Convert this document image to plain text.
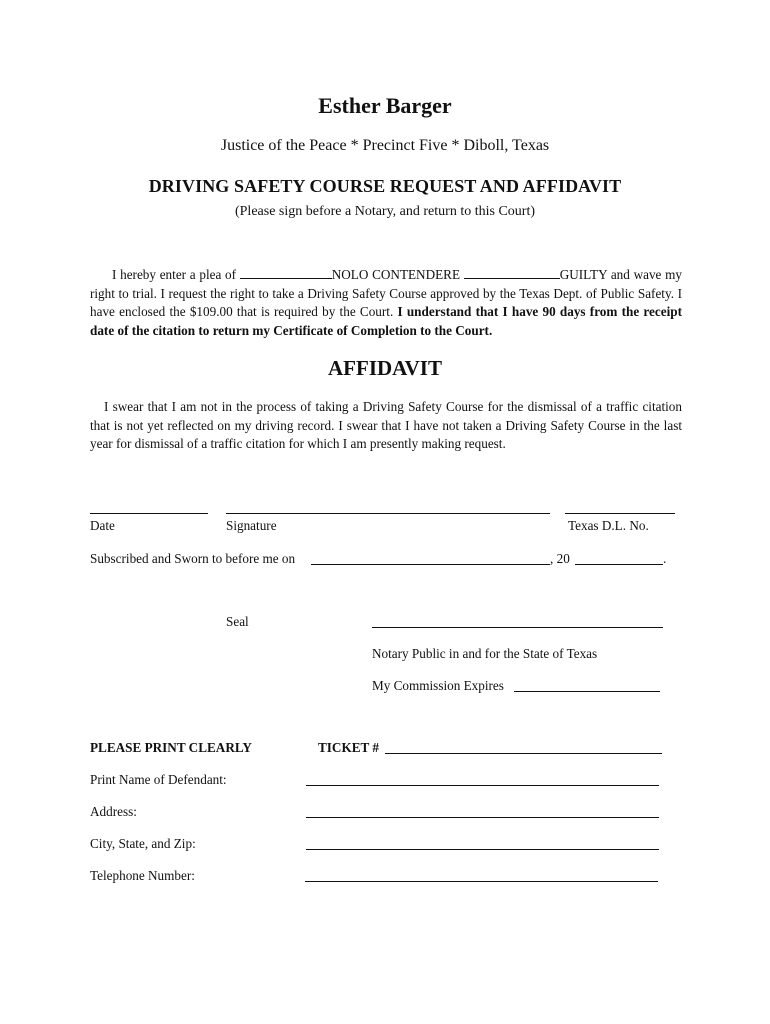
Esther Barger
Justice of the Peace * Precinct Five * Diboll, Texas
DRIVING SAFETY COURSE REQUEST AND AFFIDAVIT
(Please sign before a Notary, and return to this Court)
I hereby enter a plea of	NOLO CONTENDERE	GUILTY and wave my right to trial. I request the right to take a Driving Safety Course approved by the Texas Dept. of Public Safety. I have enclosed the $109.00 that is required by the Court. I understand that I have 90 days from the receipt date of the citation to return my Certificate of Completion to the Court.
AFFIDAVIT
I swear that I am not in the process of taking a Driving Safety Course for the dismissal of a traffic citation that is not yet reflected on my driving record. I swear that I have not taken a Driving Safety Course in the last year for dismissal of a traffic citation for which I am presently making request.
Date	Signature	Texas D.L. No.
Subscribed and Sworn to before me on	, 20	.
Seal
Notary Public in and for the State of Texas
My Commission Expires
PLEASE PRINT CLEARLY	TICKET #
Print Name of Defendant:
Address:
City, State, and Zip:
Telephone Number:
